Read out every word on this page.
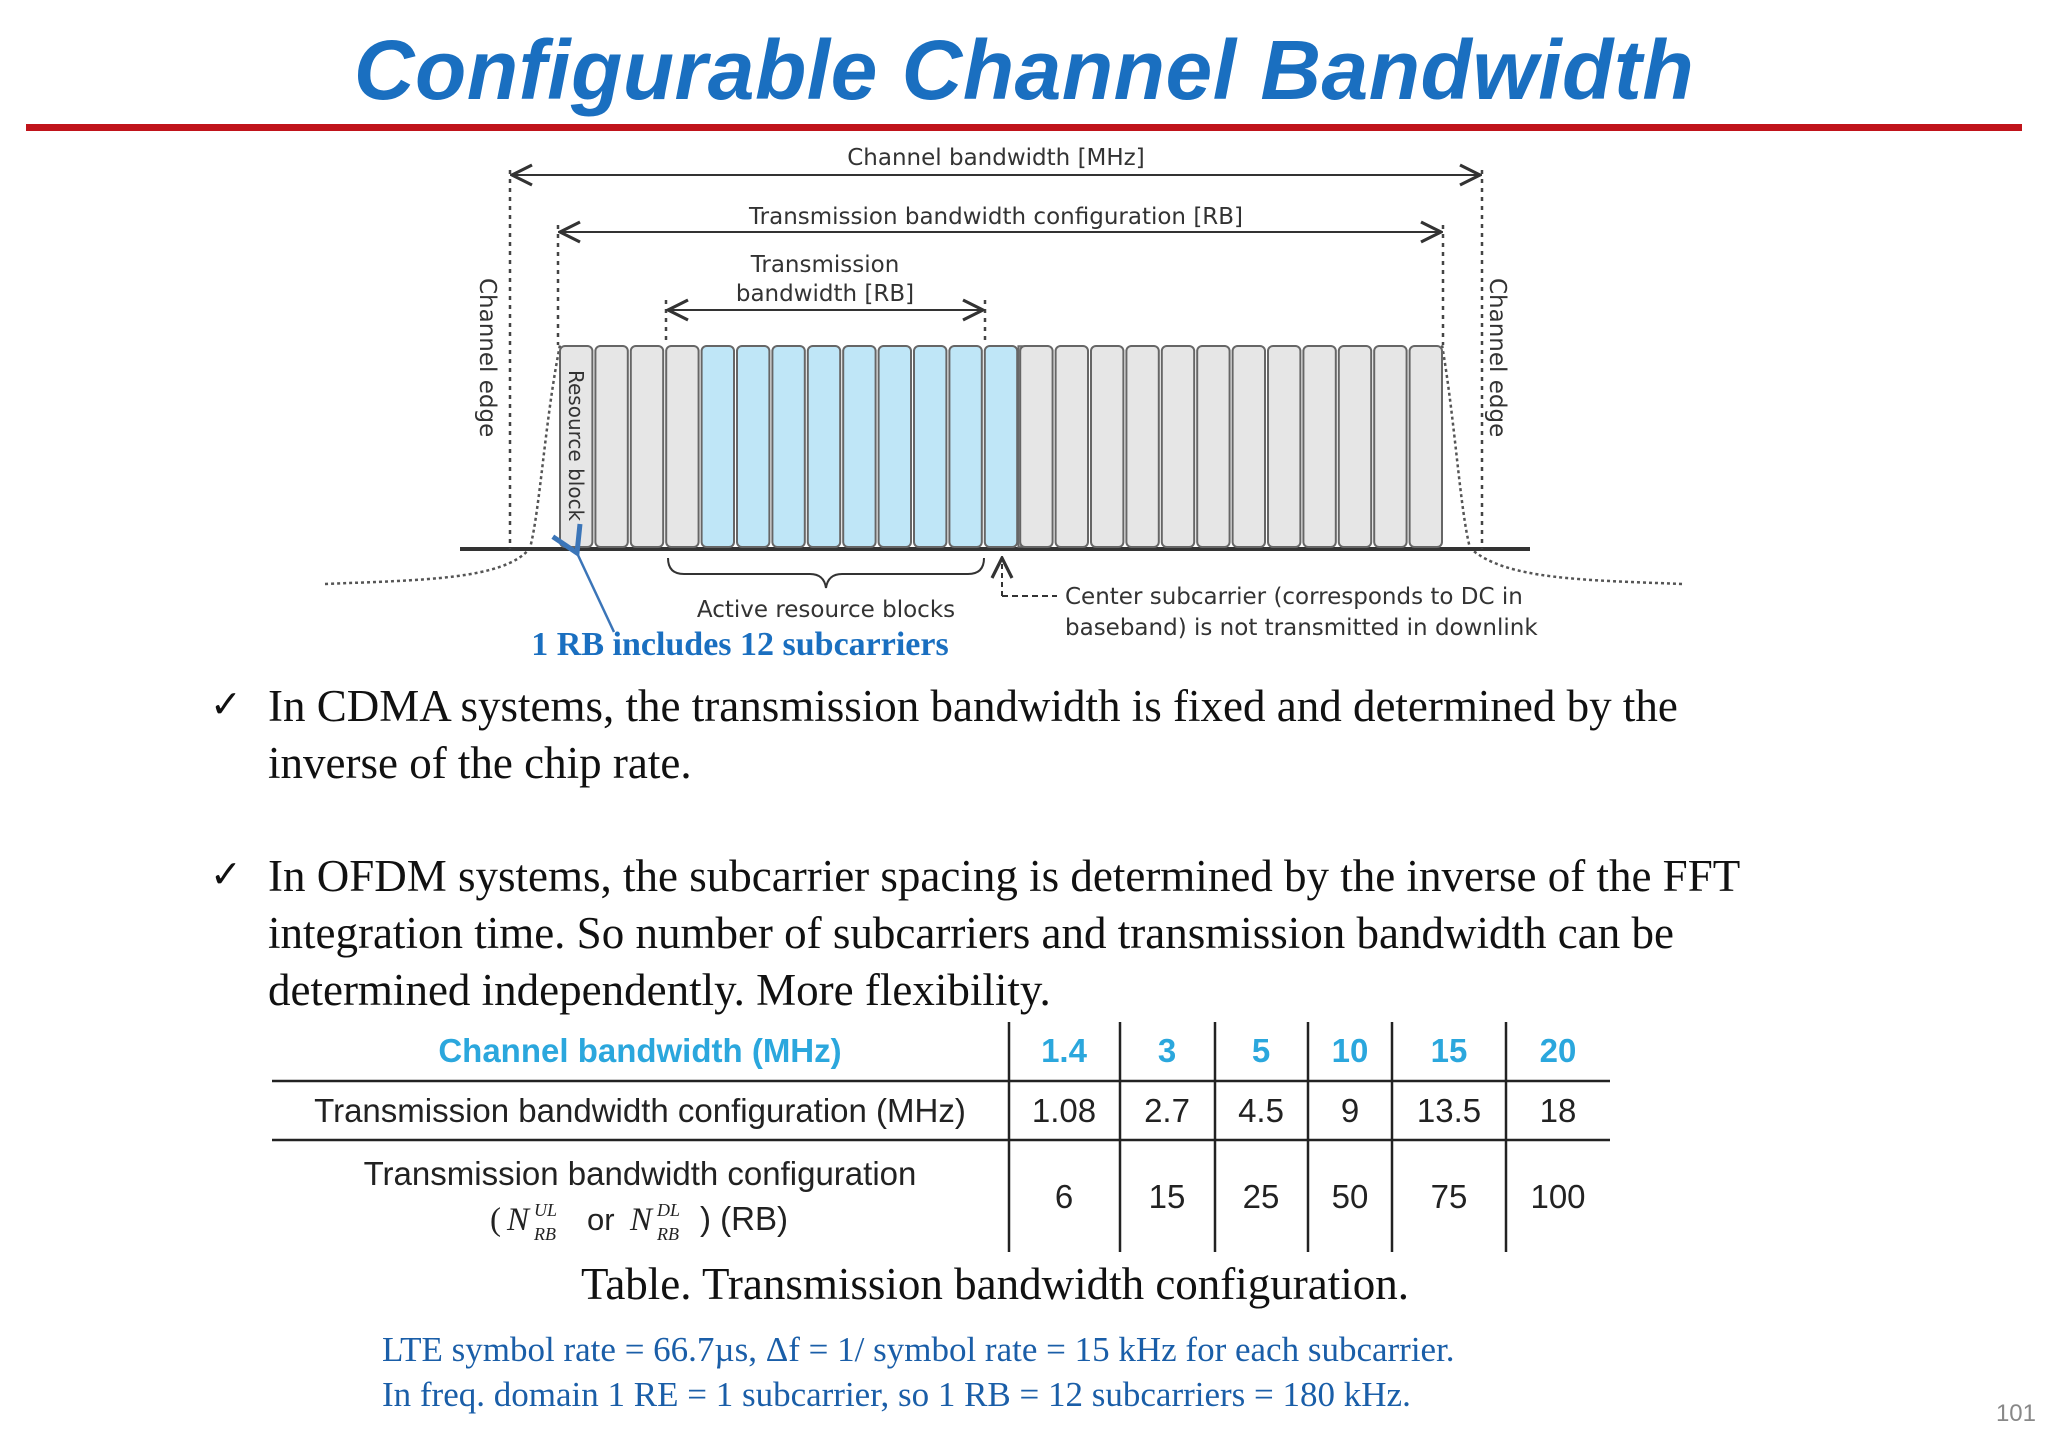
Configurable Channel Bandwidth
Channel bandwidth [MHz]
Transmission bandwidth configuration [RB]
Transmission
bandwidth [RB]
Channel edge	Channel edge
Resource block
Active resource blocks	Center subcarrier (corresponds to DC in
baseband) is not transmitted in downlink
1 RB includes 12 subcarriers
✓ In CDMA systems, the transmission bandwidth is fixed and determined by the
inverse of the chip rate.
✓ In OFDM systems, the subcarrier spacing is determined by the inverse of the FFT
integration time. So number of subcarriers and transmission bandwidth can be
determined independently. More flexibility.
Channel bandwidth (MHz)	1.4 3 5 10 15 20
Transmission bandwidth configuration (MHz) 1.08 2.7 4.5 9 13.5 18
Transmission bandwidth configuration
( N UL
RB or N DL
RB ) (RB)
6 15 25 50 75 100
Table. Transmission bandwidth configuration.
LTE symbol rate = 66.7µs, Δf = 1/ symbol rate = 15 kHz for each subcarrier.
In freq. domain 1 RE = 1 subcarrier, so 1 RB = 12 subcarriers = 180 kHz.	101
